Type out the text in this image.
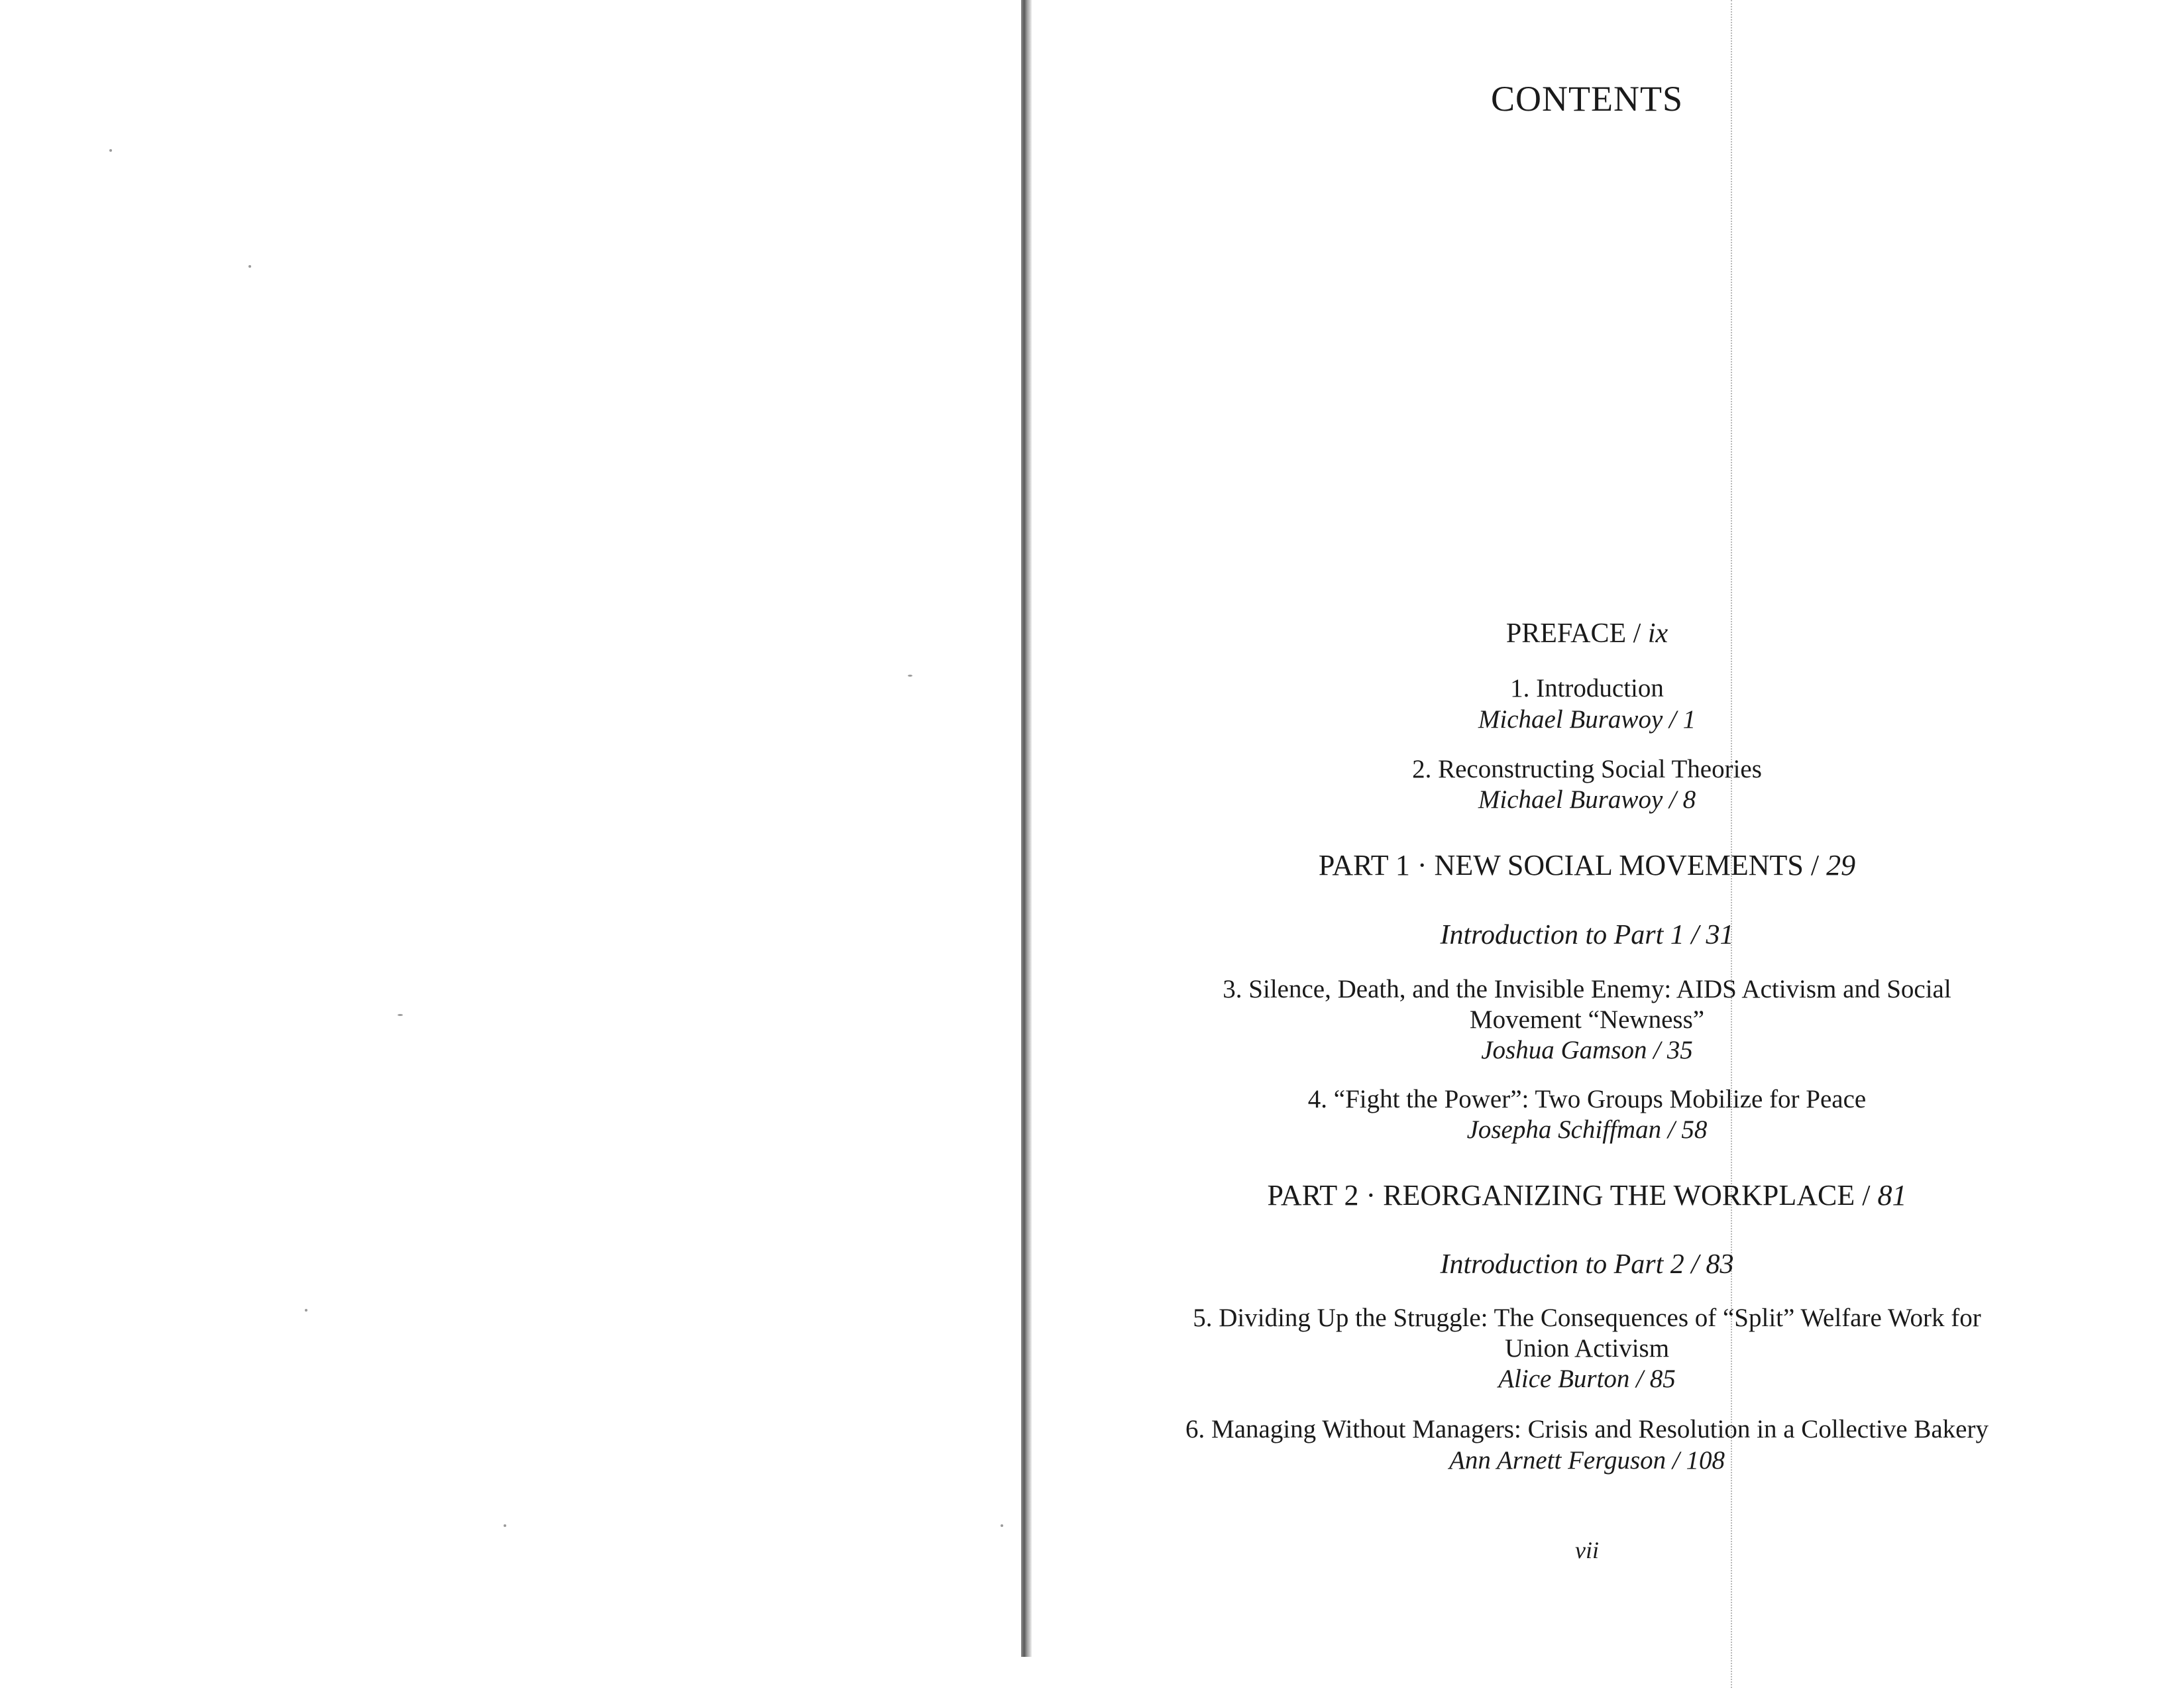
CONTENTS
PREFACE / ix
1. Introduction
Michael Burawoy / 1
2. Reconstructing Social Theories
Michael Burawoy / 8
PART 1 · NEW SOCIAL MOVEMENTS / 29
Introduction to Part 1 / 31
3. Silence, Death, and the Invisible Enemy: AIDS Activism and Social
Movement “Newness”
Joshua Gamson / 35
4. “Fight the Power”: Two Groups Mobilize for Peace
Josepha Schiffman / 58
PART 2 · REORGANIZING THE WORKPLACE / 81
Introduction to Part 2 / 83
5. Dividing Up the Struggle: The Consequences of “Split” Welfare Work for
Union Activism
Alice Burton / 85
6. Managing Without Managers: Crisis and Resolution in a Collective Bakery
Ann Arnett Ferguson / 108
vii
